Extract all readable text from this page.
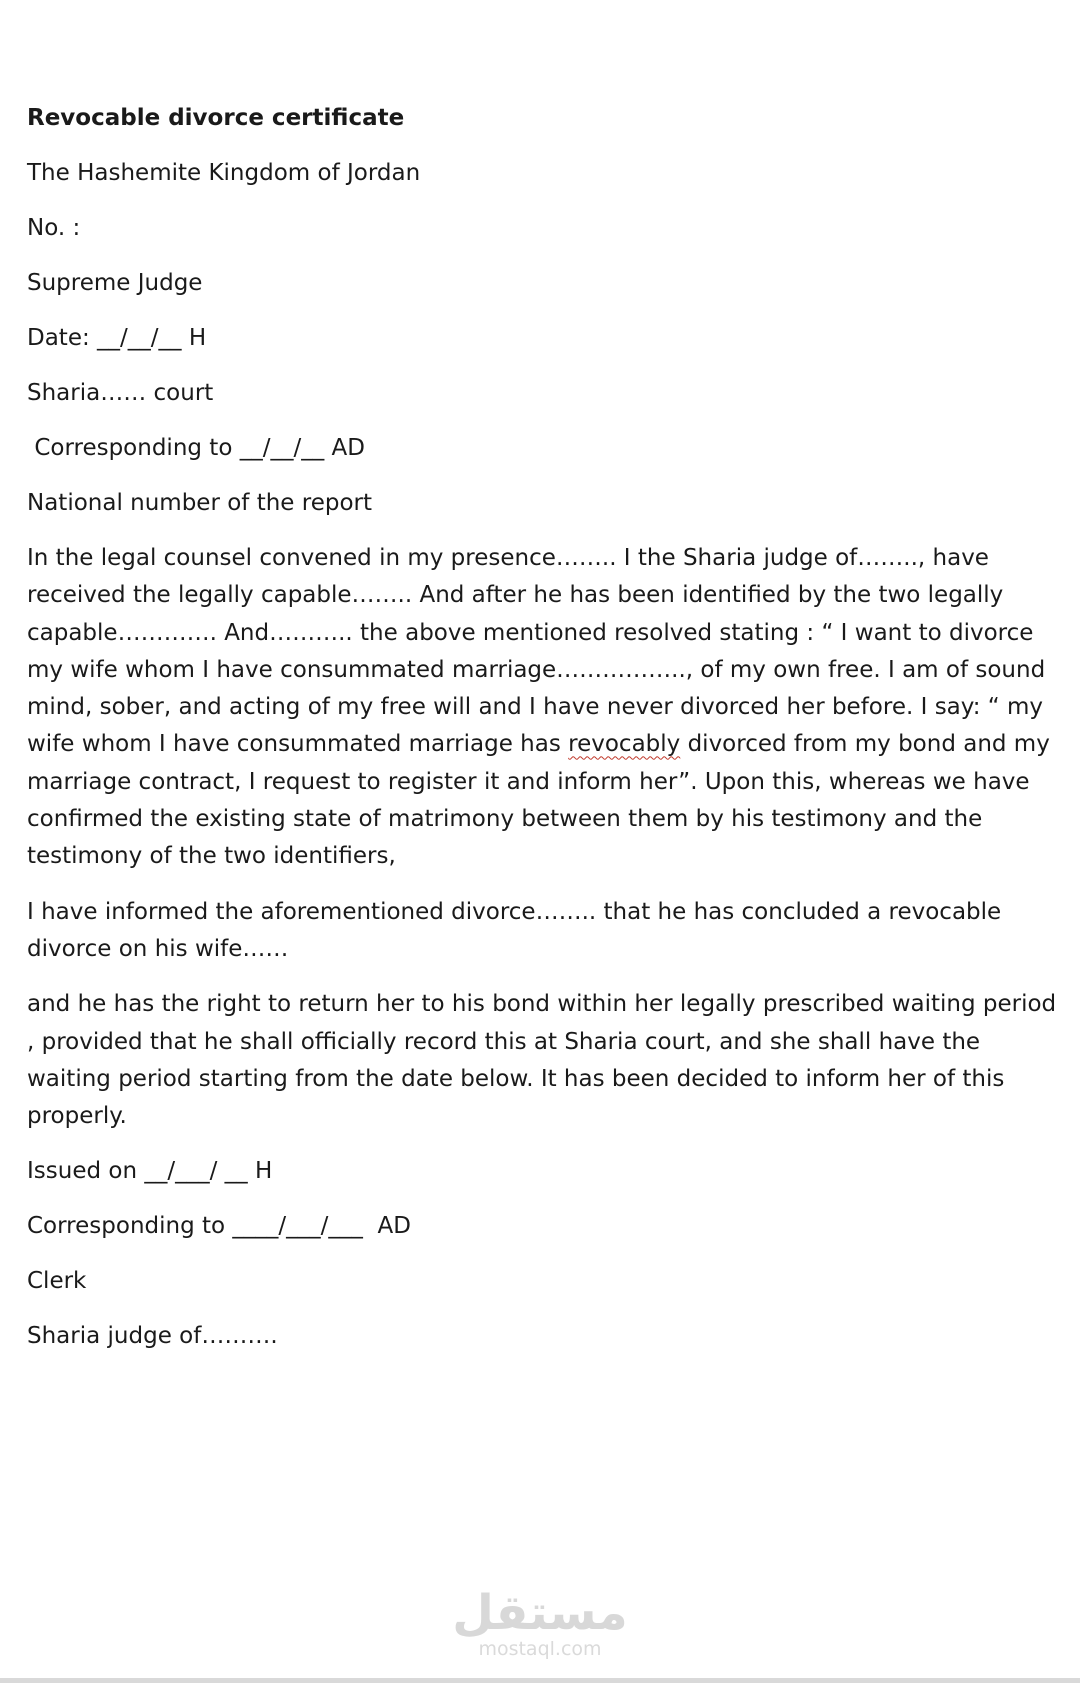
Revocable divorce certificate
The Hashemite Kingdom of Jordan
No. :
Supreme Judge
Date: __/__/__ H
Sharia…… court
Corresponding to __/__/__ AD
National number of the report
In the legal counsel convened in my presence…….. I the Sharia judge of…….., have received the legally capable…….. And after he has been identified by the two legally capable…………. And……….. the above mentioned resolved stating : “ I want to divorce my wife whom I have consummated marriage…………….., of my own free. I am of sound mind, sober, and acting of my free will and I have never divorced her before. I say: “ my wife whom I have consummated marriage has revocably divorced from my bond and my marriage contract, I request to register it and inform her”. Upon this, whereas we have confirmed the existing state of matrimony between them by his testimony and the testimony of the two identifiers,
I have informed the aforementioned divorce…….. that he has concluded a revocable divorce on his wife……
and he has the right to return her to his bond within her legally prescribed waiting period , provided that he shall officially record this at Sharia court, and she shall have the waiting period starting from the date below. It has been decided to inform her of this properly.
Issued on __/___/ __ H
Corresponding to ____/___/___  AD
Clerk
Sharia judge of……….
مستقل
mostaql.com
